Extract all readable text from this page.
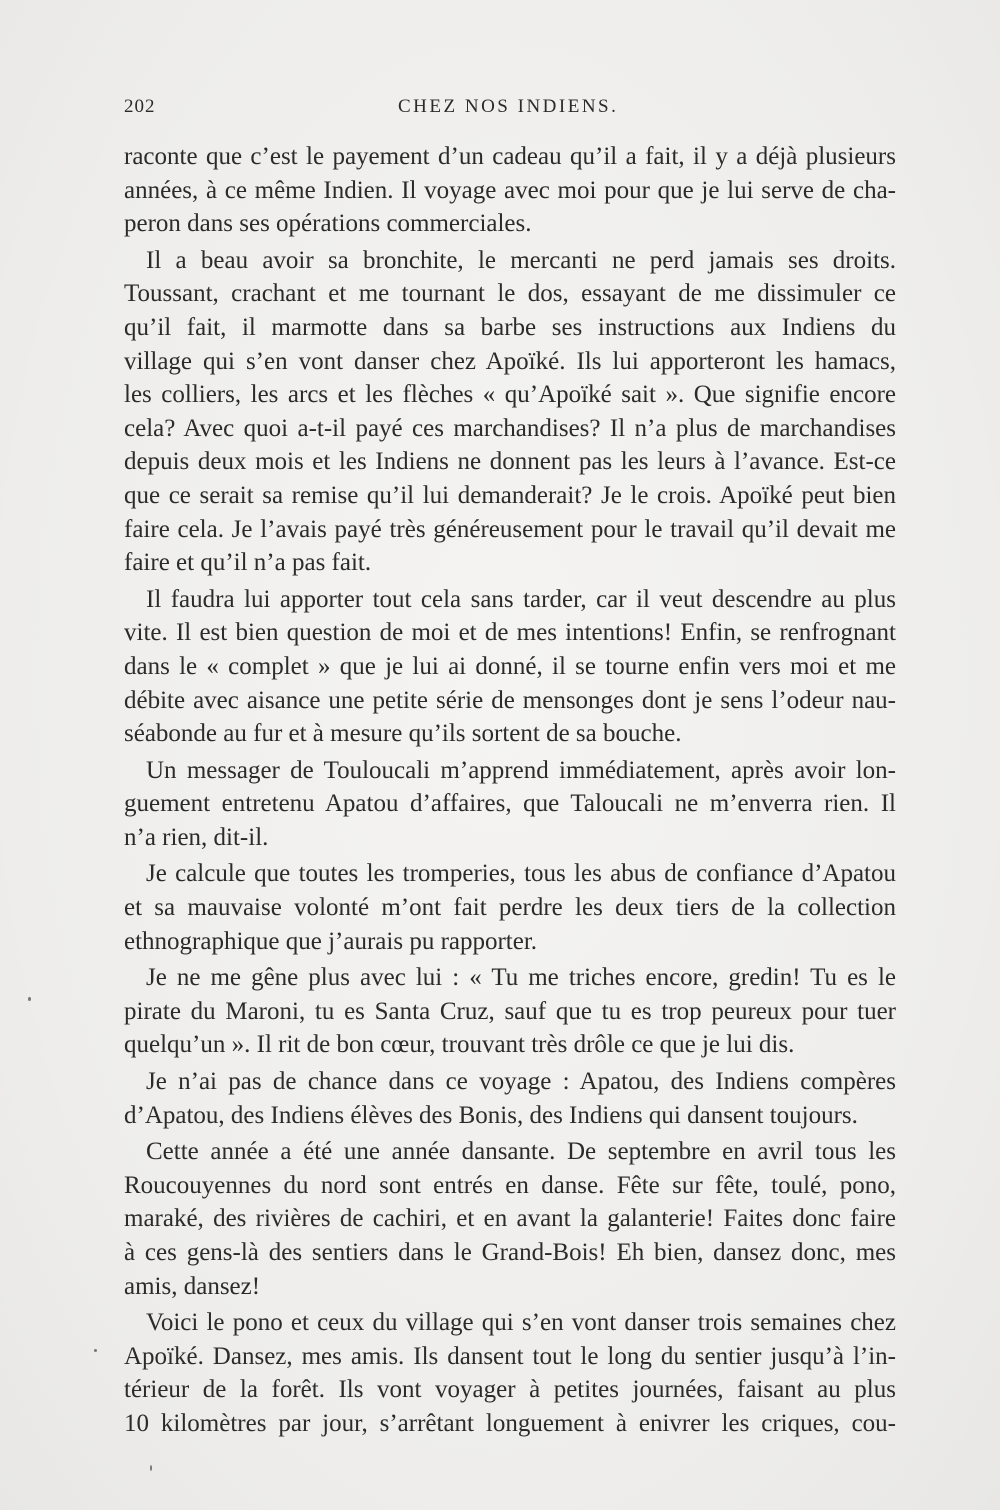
202	CHEZ NOS INDIENS.
raconte que c’est le payement d’un cadeau qu’il a fait, il y a déjà plusieurs
années, à ce même Indien. Il voyage avec moi pour que je lui serve de cha-
peron dans ses opérations commerciales.
Il a beau avoir sa bronchite, le mercanti ne perd jamais ses droits.
Toussant, crachant et me tournant le dos, essayant de me dissimuler ce
qu’il fait, il marmotte dans sa barbe ses instructions aux Indiens du
village qui s’en vont danser chez Apoïké. Ils lui apporteront les hamacs,
les colliers, les arcs et les flèches « qu’Apoïké sait ». Que signifie encore
cela? Avec quoi a-t-il payé ces marchandises? Il n’a plus de marchandises
depuis deux mois et les Indiens ne donnent pas les leurs à l’avance. Est-ce
que ce serait sa remise qu’il lui demanderait? Je le crois. Apoïké peut bien
faire cela. Je l’avais payé très généreusement pour le travail qu’il devait me
faire et qu’il n’a pas fait.
Il faudra lui apporter tout cela sans tarder, car il veut descendre au plus
vite. Il est bien question de moi et de mes intentions! Enfin, se renfrognant
dans le « complet » que je lui ai donné, il se tourne enfin vers moi et me
débite avec aisance une petite série de mensonges dont je sens l’odeur nau-
séabonde au fur et à mesure qu’ils sortent de sa bouche.
Un messager de Touloucali m’apprend immédiatement, après avoir lon-
guement entretenu Apatou d’affaires, que Taloucali ne m’enverra rien. Il
n’a rien, dit-il.
Je calcule que toutes les tromperies, tous les abus de confiance d’Apatou
et sa mauvaise volonté m’ont fait perdre les deux tiers de la collection
ethnographique que j’aurais pu rapporter.
Je ne me gêne plus avec lui : « Tu me triches encore, gredin! Tu es le
pirate du Maroni, tu es Santa Cruz, sauf que tu es trop peureux pour tuer
quelqu’un ». Il rit de bon cœur, trouvant très drôle ce que je lui dis.
Je n’ai pas de chance dans ce voyage : Apatou, des Indiens compères
d’Apatou, des Indiens élèves des Bonis, des Indiens qui dansent toujours.
Cette année a été une année dansante. De septembre en avril tous les
Roucouyennes du nord sont entrés en danse. Fête sur fête, toulé, pono,
maraké, des rivières de cachiri, et en avant la galanterie! Faites donc faire
à ces gens-là des sentiers dans le Grand-Bois! Eh bien, dansez donc, mes
amis, dansez!
Voici le pono et ceux du village qui s’en vont danser trois semaines chez
Apoïké. Dansez, mes amis. Ils dansent tout le long du sentier jusqu’à l’in-
térieur de la forêt. Ils vont voyager à petites journées, faisant au plus
10 kilomètres par jour, s’arrêtant longuement à enivrer les criques, cou-
